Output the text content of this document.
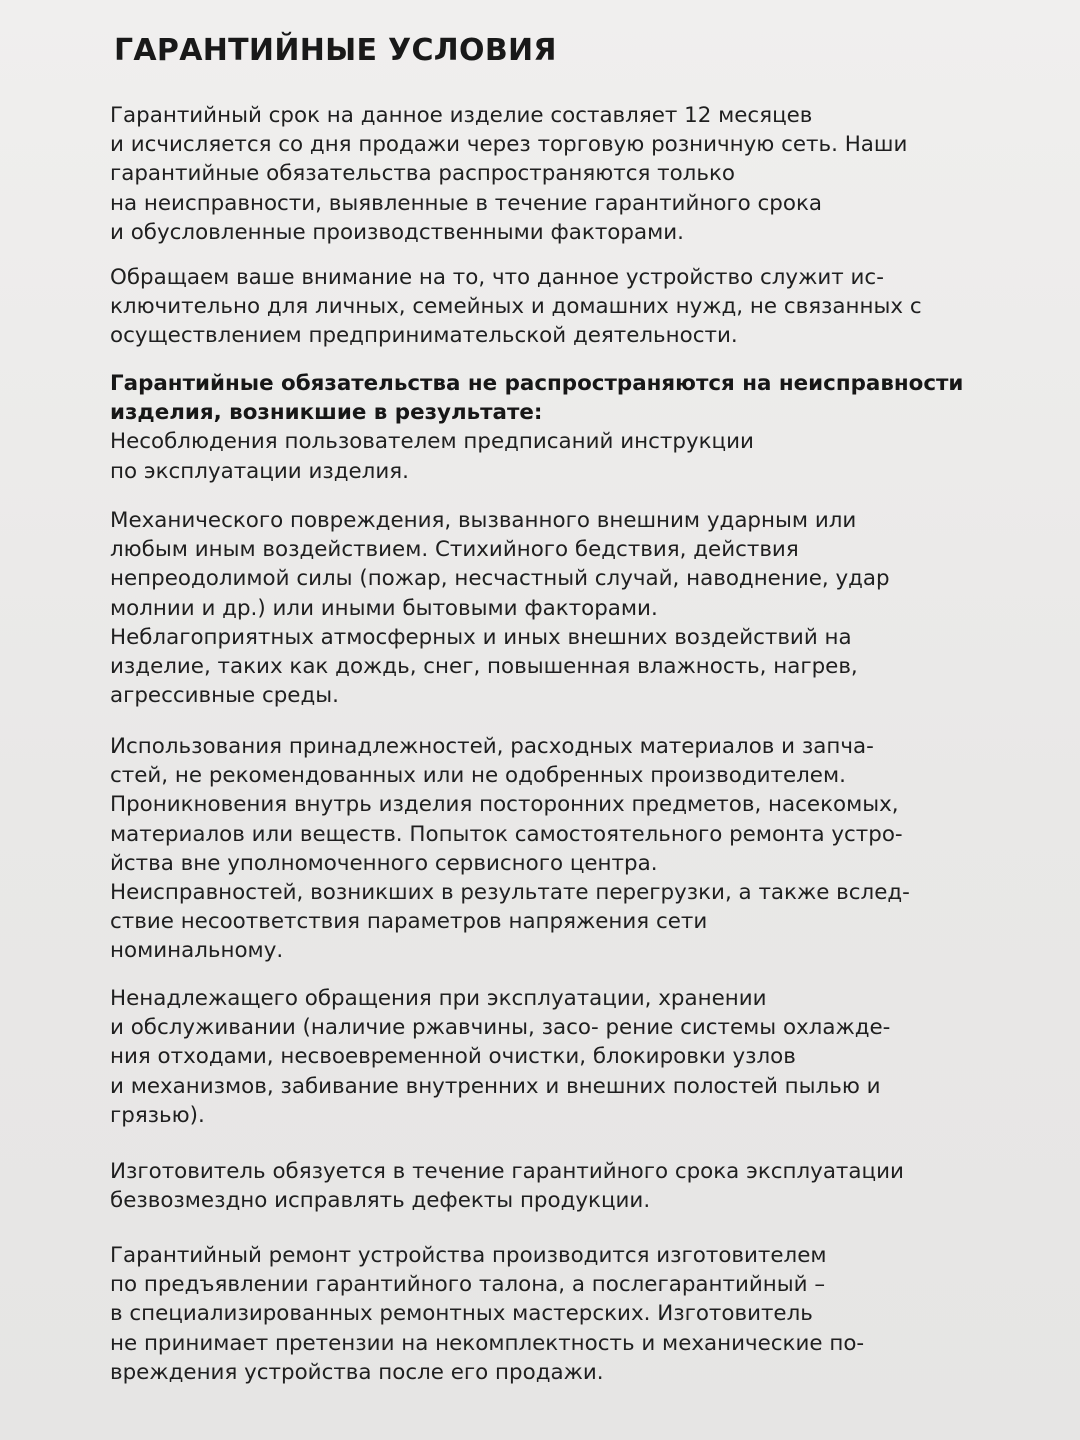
ГАРАНТИЙНЫЕ УСЛОВИЯ
Гарантийный срок на данное изделие составляет 12 месяцев
и исчисляется со дня продажи через торговую розничную сеть. Наши
гарантийные обязательства распространяются только
на неисправности, выявленные в течение гарантийного срока
и обусловленные производственными факторами.
Обращаем ваше внимание на то, что данное устройство служит ис-
ключительно для личных, семейных и домашних нужд, не связанных с
осуществлением предпринимательской деятельности.
Гарантийные обязательства не распространяются на неисправности
изделия, возникшие в результате:
Несоблюдения пользователем предписаний инструкции
по эксплуатации изделия.
Механического повреждения, вызванного внешним ударным или
любым иным воздействием. Стихийного бедствия, действия
непреодолимой силы (пожар, несчастный случай, наводнение, удар
молнии и др.) или иными бытовыми факторами.
Неблагоприятных атмосферных и иных внешних воздействий на
изделие, таких как дождь, снег, повышенная влажность, нагрев,
агрессивные среды.
Использования принадлежностей, расходных материалов и запча-
стей, не рекомендованных или не одобренных производителем.
Проникновения внутрь изделия посторонних предметов, насекомых,
материалов или веществ. Попыток самостоятельного ремонта устро-
йства вне уполномоченного сервисного центра.
Неисправностей, возникших в результате перегрузки, а также вслед-
ствие несоответствия параметров напряжения сети
номинальному.
Ненадлежащего обращения при эксплуатации, хранении
и обслуживании (наличие ржавчины, засо- рение системы охлажде-
ния отходами, несвоевременной очистки, блокировки узлов
и механизмов, забивание внутренних и внешних полостей пылью и
грязью).
Изготовитель обязуется в течение гарантийного срока эксплуатации
безвозмездно исправлять дефекты продукции.
Гарантийный ремонт устройства производится изготовителем
по предъявлении гарантийного талона, а послегарантийный –
в специализированных ремонтных мастерских. Изготовитель
не принимает претензии на некомплектность и механические по-
вреждения устройства после его продажи.
